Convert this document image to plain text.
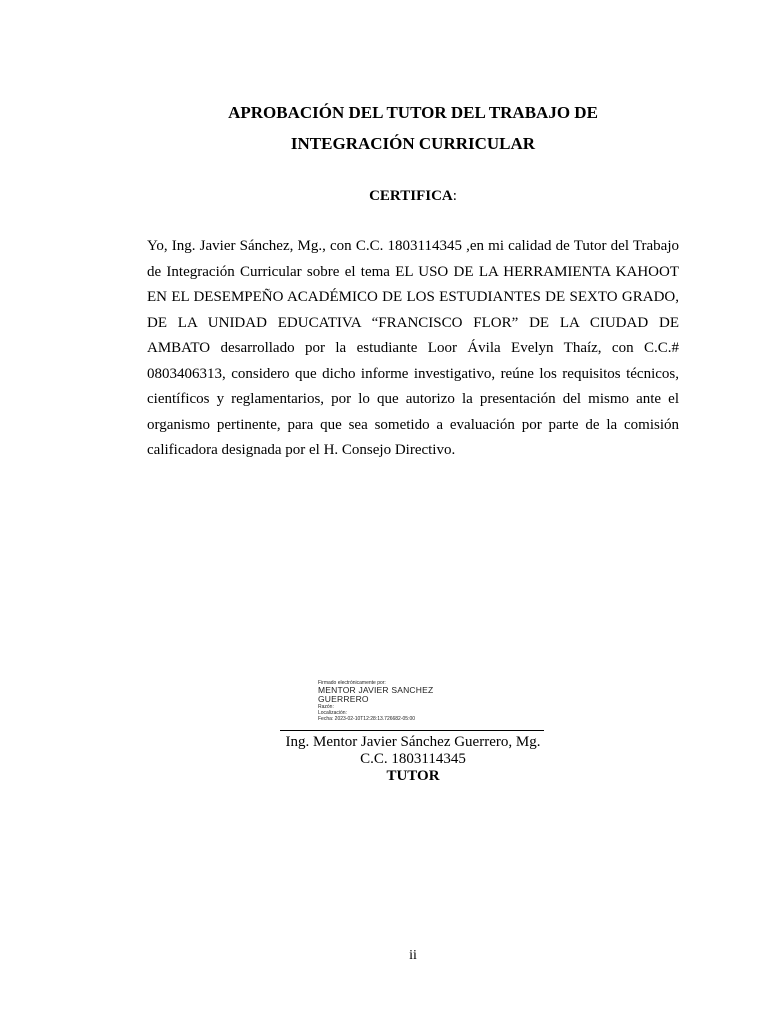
APROBACIÓN DEL TUTOR DEL TRABAJO DE
INTEGRACIÓN CURRICULAR
CERTIFICA:

Yo, Ing. Javier Sánchez, Mg., con C.C. 1803114345 ,en mi calidad de Tutor del Trabajo de Integración Curricular sobre el tema EL USO DE LA HERRAMIENTA KAHOOT EN EL DESEMPEÑO ACADÉMICO DE LOS ESTUDIANTES DE SEXTO GRADO, DE LA UNIDAD EDUCATIVA “FRANCISCO FLOR” DE LA CIUDAD DE AMBATO desarrollado por la estudiante Loor Ávila Evelyn Thaíz, con C.C.# 0803406313, considero que dicho informe investigativo, reúne los requisitos técnicos, científicos y reglamentarios, por lo que autorizo la presentación del mismo ante el organismo pertinente, para que sea sometido a evaluación por parte de la comisión calificadora designada por el H. Consejo Directivo.

Firmado electrónicamente por:
MENTOR JAVIER SANCHEZ
GUERRERO
Razón:
Localización:
Fecha: 2023-02-10T12:28:13.726682-05:00
Ing. Mentor Javier Sánchez Guerrero, Mg.
C.C. 1803114345
TUTOR
ii
